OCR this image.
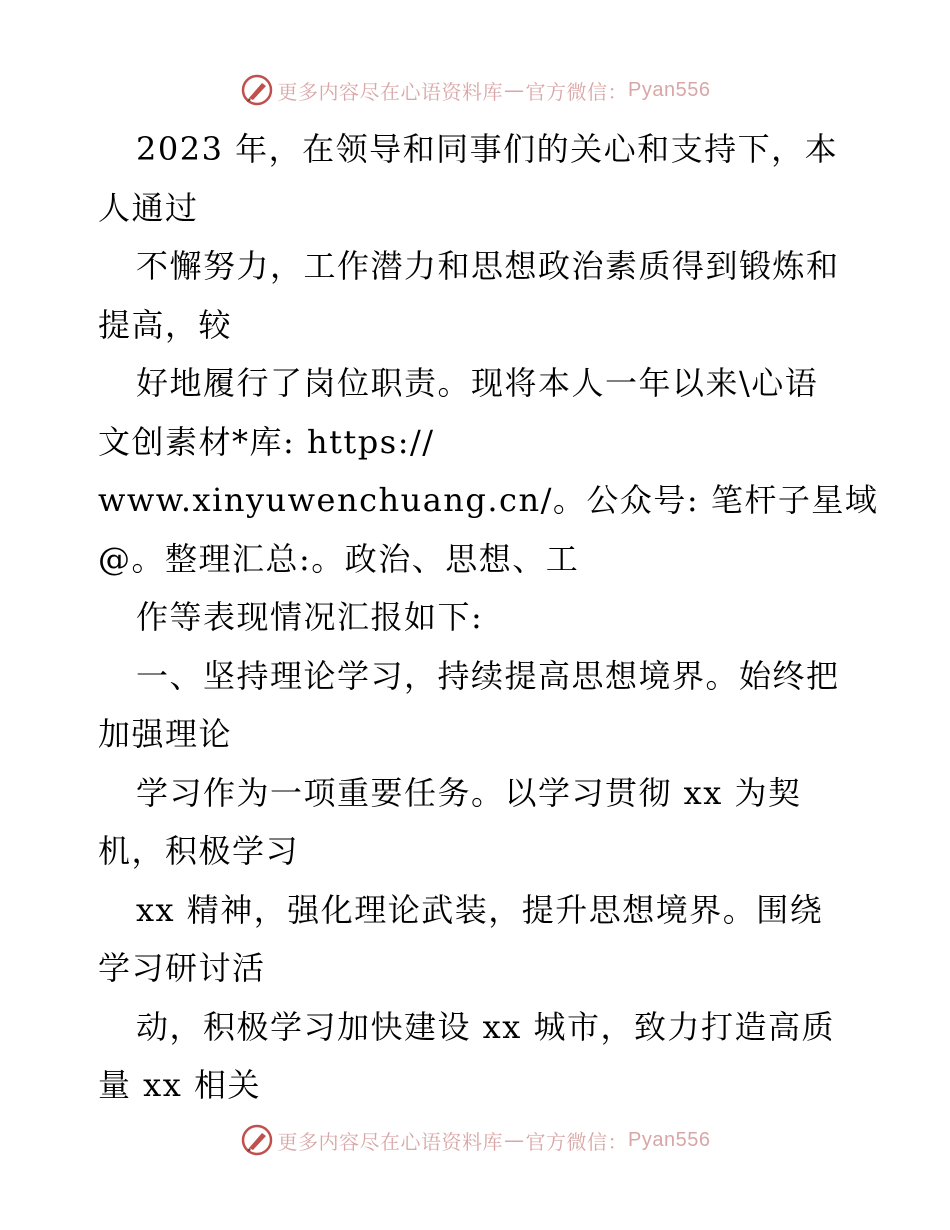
更多内容尽在心语资料库 — 官方微信： Pyan556
2023 年，在领导和同事们的关心和支持下，本
人通过
不懈努力，工作潜力和思想政治素质得到锻炼和
提高，较
好地履行了岗位职责。现将本人一年以来\心语
文创素材*库: https://
www.xinyuwenchuang.cn/。公众号: 笔杆子星域
@。整理汇总:。政治、思想、工
作等表现情况汇报如下:
一、坚持理论学习，持续提高思想境界。始终把
加强理论
学习作为一项重要任务。以学习贯彻 xx 为契
机，积极学习
xx 精神，强化理论武装，提升思想境界。围绕
学习研讨活
动，积极学习加快建设 xx 城市，致力打造高质
量 xx 相关
更多内容尽在心语资料库 — 官方微信： Pyan556
